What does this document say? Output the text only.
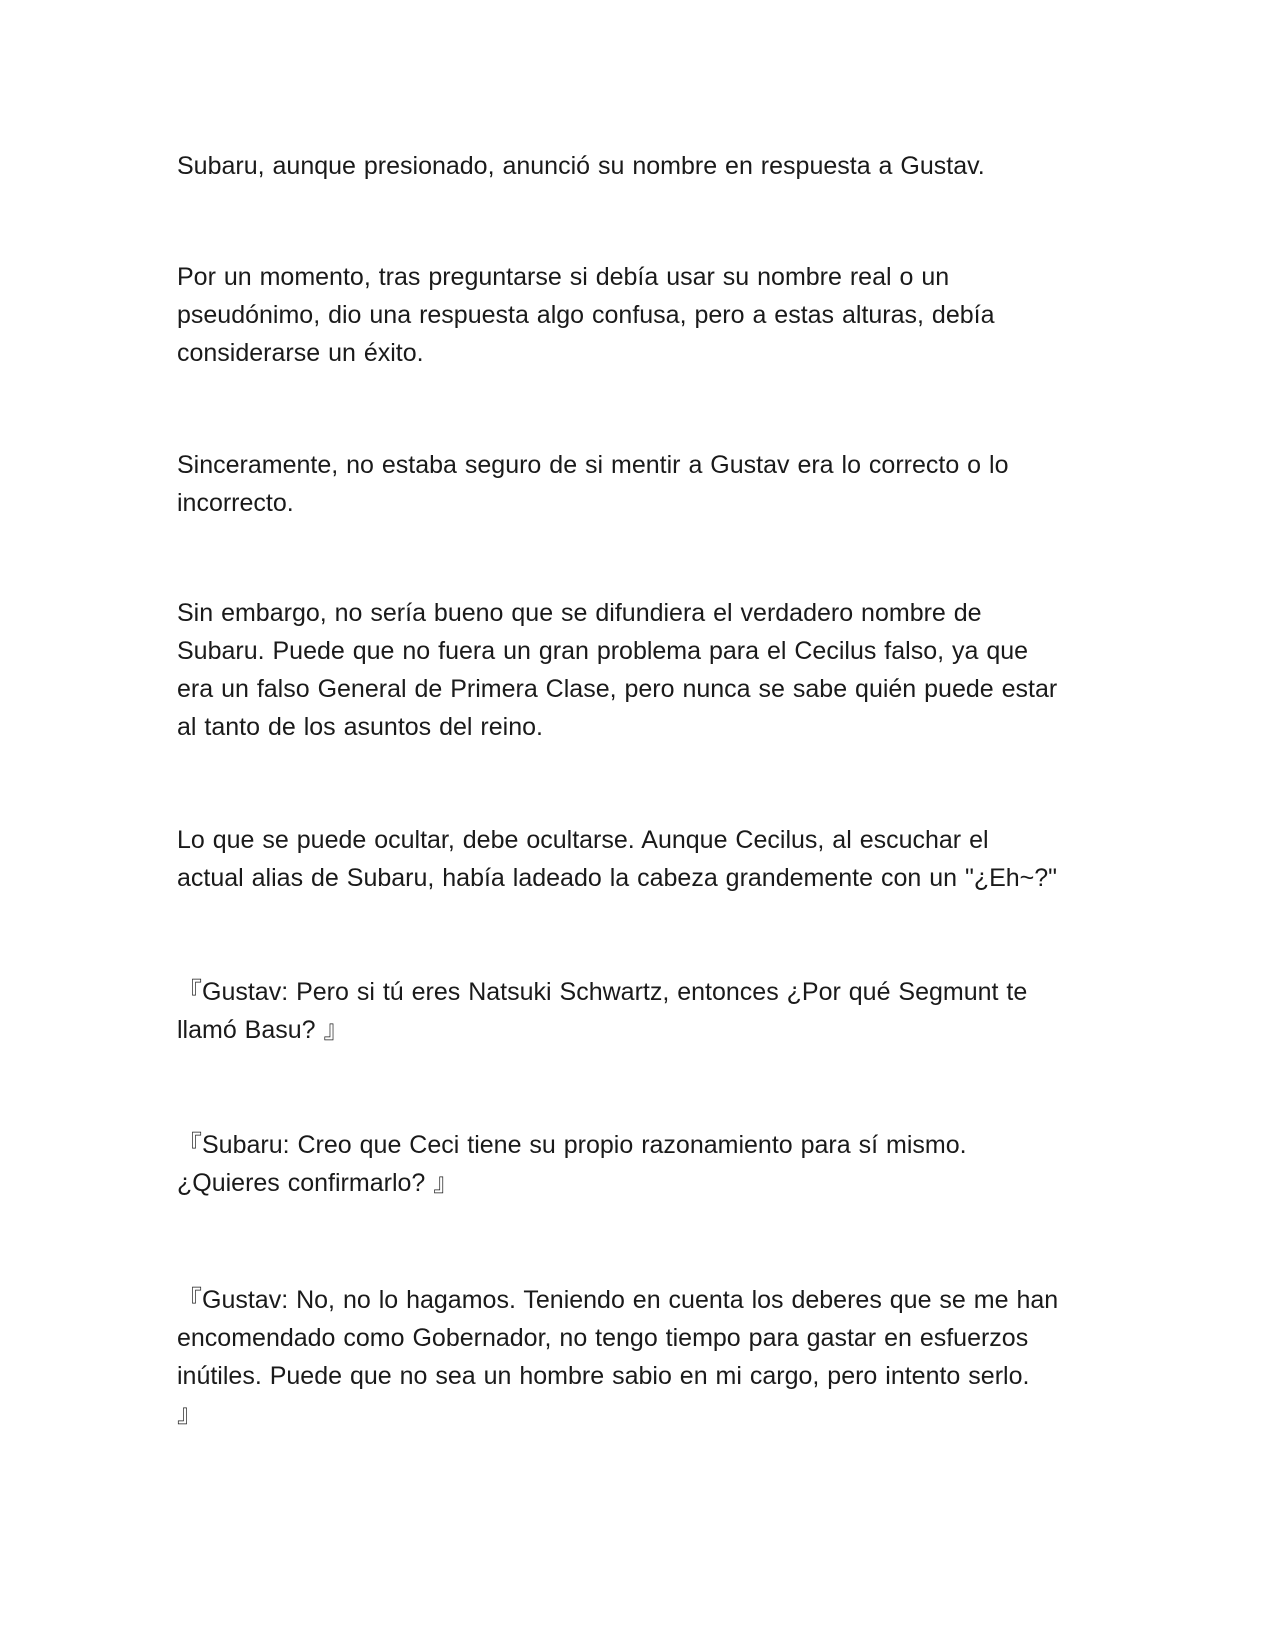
Subaru, aunque presionado, anunció su nombre en respuesta a Gustav.

Por un momento, tras preguntarse si debía usar su nombre real o un
pseudónimo, dio una respuesta algo confusa, pero a estas alturas, debía
considerarse un éxito.

Sinceramente, no estaba seguro de si mentir a Gustav era lo correcto o lo
incorrecto.

Sin embargo, no sería bueno que se difundiera el verdadero nombre de
Subaru. Puede que no fuera un gran problema para el Cecilus falso, ya que
era un falso General de Primera Clase, pero nunca se sabe quién puede estar
al tanto de los asuntos del reino.

Lo que se puede ocultar, debe ocultarse. Aunque Cecilus, al escuchar el
actual alias de Subaru, había ladeado la cabeza grandemente con un "¿Eh~?"

『Gustav: Pero si tú eres Natsuki Schwartz, entonces ¿Por qué Segmunt te
llamó Basu? 』

『Subaru: Creo que Ceci tiene su propio razonamiento para sí mismo.
¿Quieres confirmarlo? 』

『Gustav: No, no lo hagamos. Teniendo en cuenta los deberes que se me han
encomendado como Gobernador, no tengo tiempo para gastar en esfuerzos
inútiles. Puede que no sea un hombre sabio en mi cargo, pero intento serlo.
』
